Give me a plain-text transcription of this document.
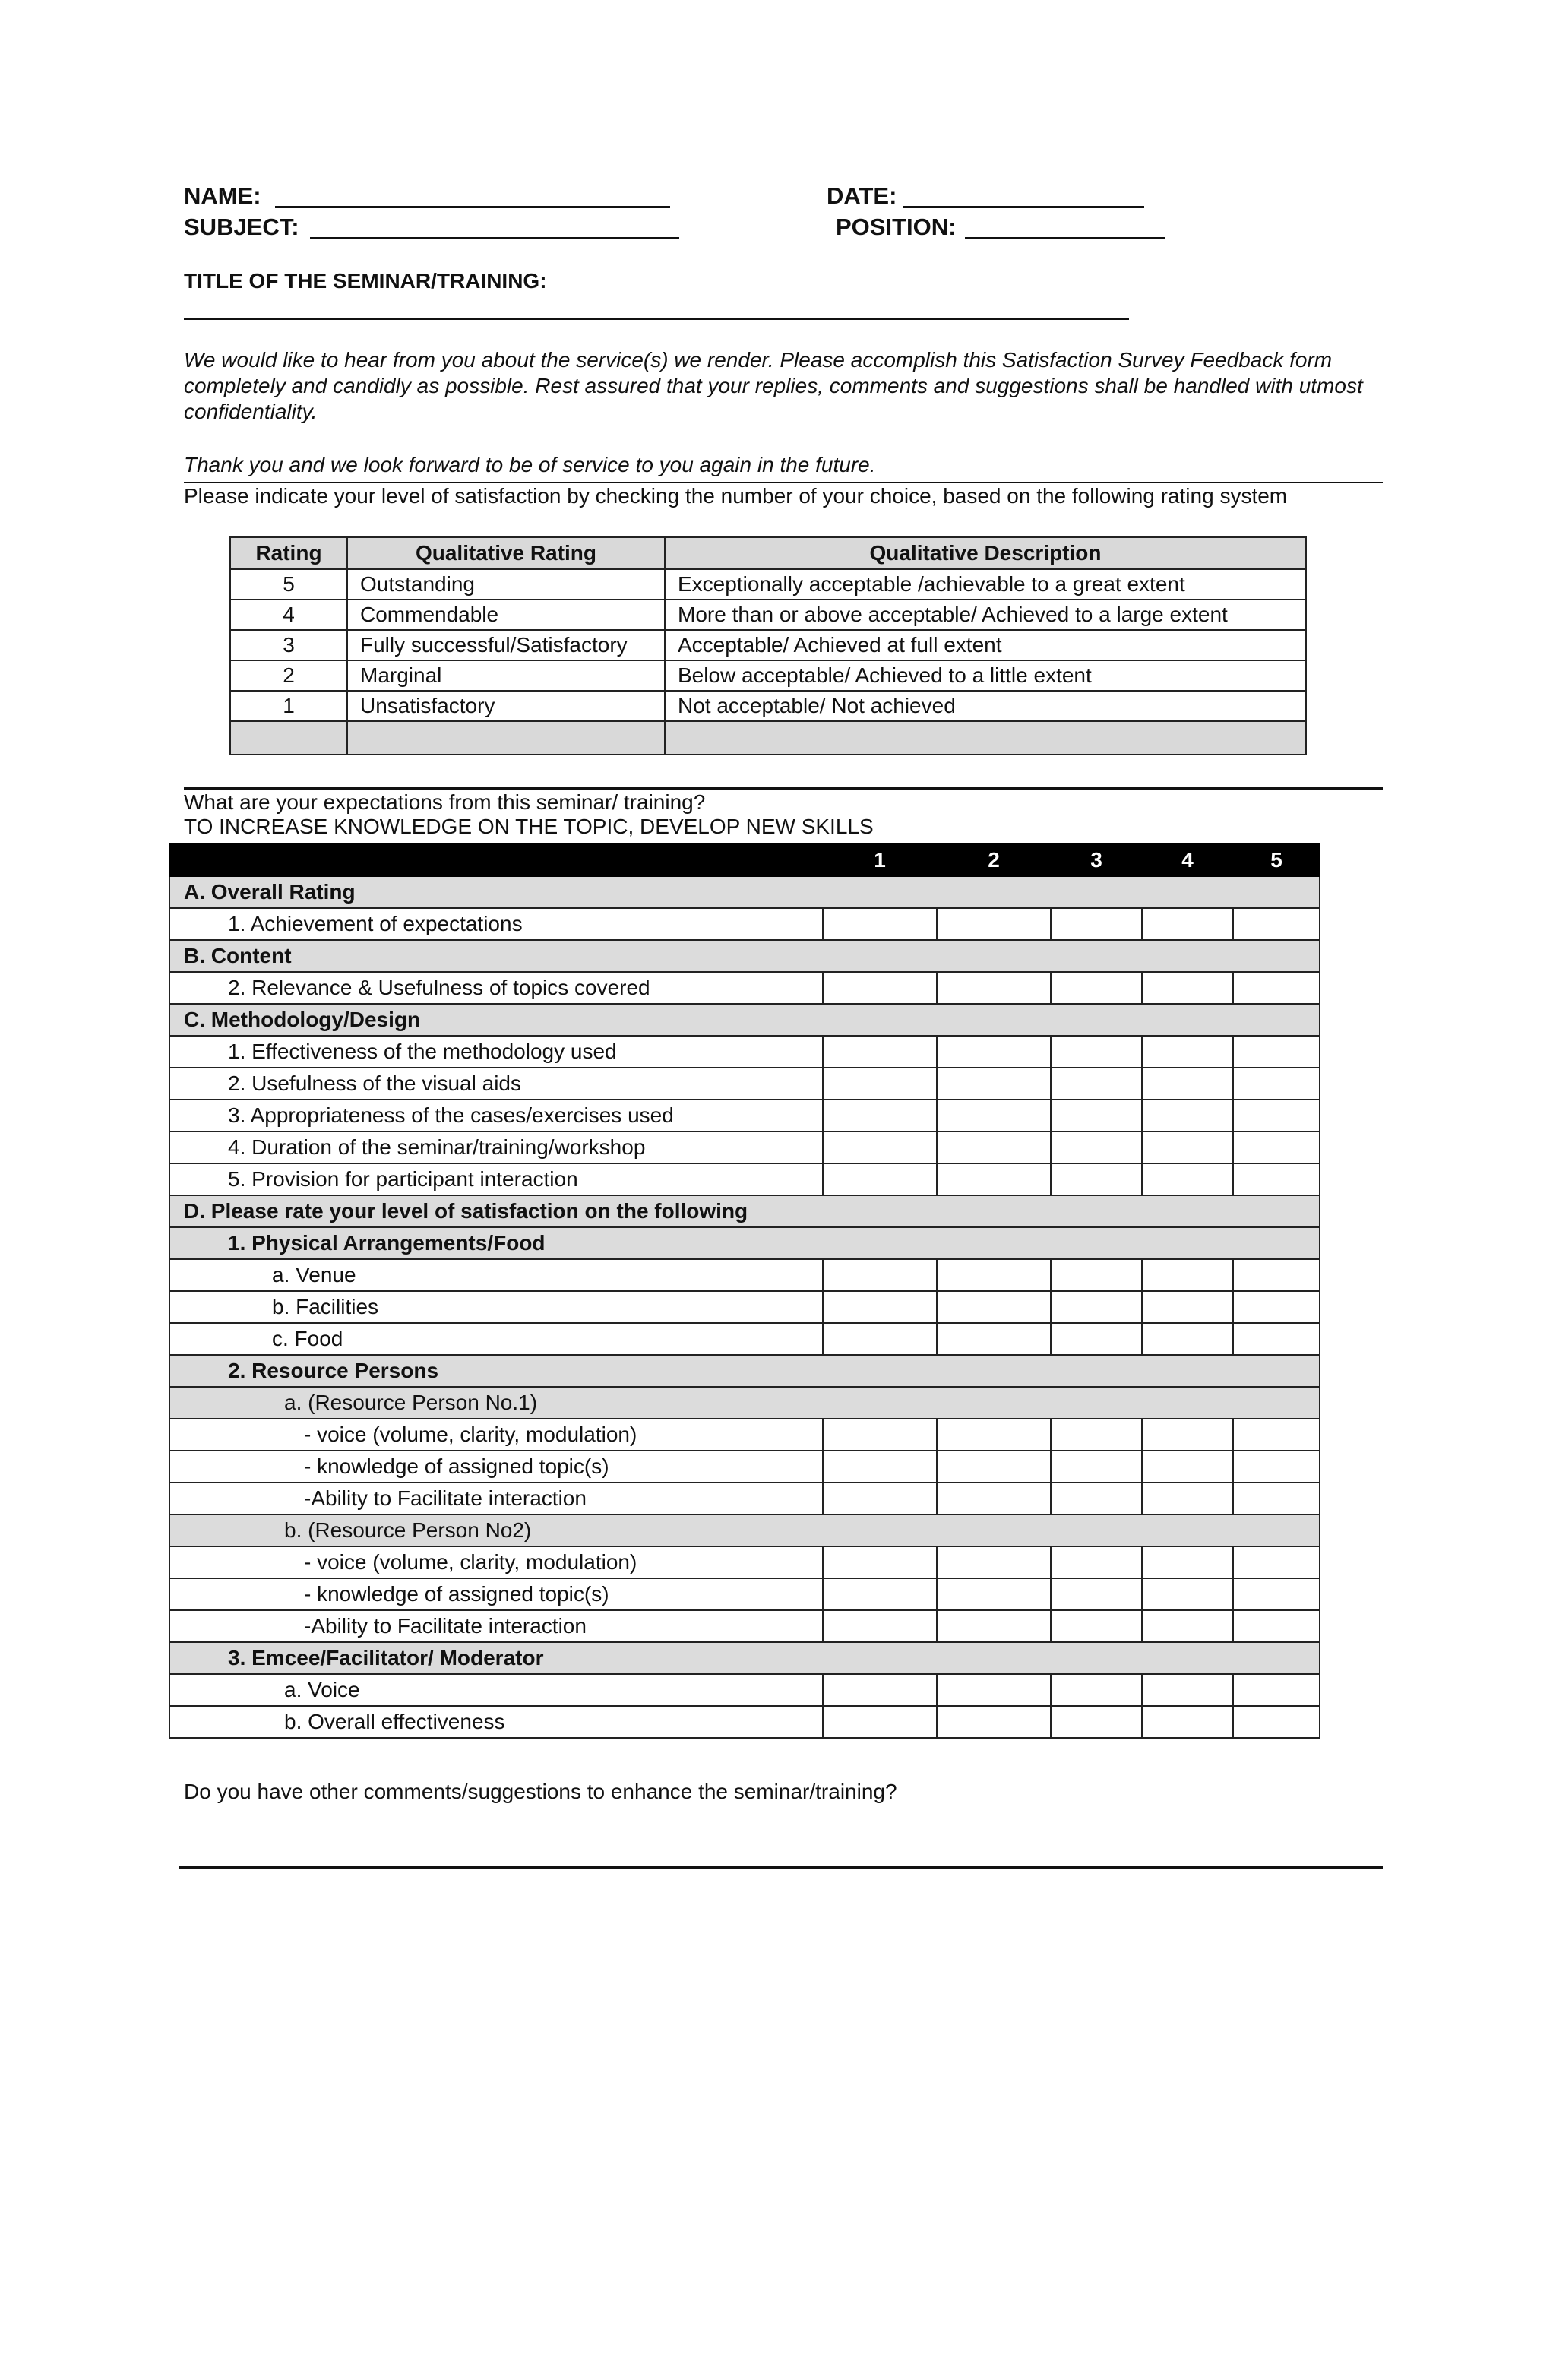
NAME:	DATE:
SUBJECT:	POSITION:
TITLE OF THE SEMINAR/TRAINING:
We would like to hear from you about the service(s) we render. Please accomplish this Satisfaction Survey Feedback form completely and candidly as possible. Rest assured that your replies, comments and suggestions shall be handled with utmost confidentiality.
Thank you and we look forward to be of service to you again in the future.
Please indicate your level of satisfaction by checking the number of your choice, based on the following rating system
Rating	Qualitative Rating	Qualitative Description
5	Outstanding	Exceptionally acceptable /achievable to a great extent
4	Commendable	More than or above acceptable/ Achieved to a large extent
3	Fully successful/Satisfactory	Acceptable/ Achieved at full extent
2	Marginal	Below acceptable/ Achieved to a little extent
1	Unsatisfactory	Not acceptable/ Not achieved

What are your expectations from this seminar/ training?
TO INCREASE KNOWLEDGE ON THE TOPIC, DEVELOP NEW SKILLS
	1	2	3	4	5
A. Overall Rating					
1. Achievement of expectations					
B. Content					
2. Relevance & Usefulness of topics covered					
C. Methodology/Design					
1. Effectiveness of the methodology used					
2. Usefulness of the visual aids					
3. Appropriateness of the cases/exercises used					
4. Duration of the seminar/training/workshop					
5. Provision for participant interaction					
D. Please rate your level of satisfaction on the following					
1. Physical Arrangements/Food					
a. Venue					
b. Facilities					
c. Food					
2. Resource Persons					
a. (Resource Person No.1)					
- voice (volume, clarity, modulation)					
- knowledge of assigned topic(s)					
-Ability to Facilitate interaction					
b. (Resource Person No2)					
- voice (volume, clarity, modulation)					
- knowledge of assigned topic(s)					
-Ability to Facilitate interaction					
3. Emcee/Facilitator/ Moderator					
a. Voice					
b. Overall effectiveness					
Do you have other comments/suggestions to enhance the seminar/training?
